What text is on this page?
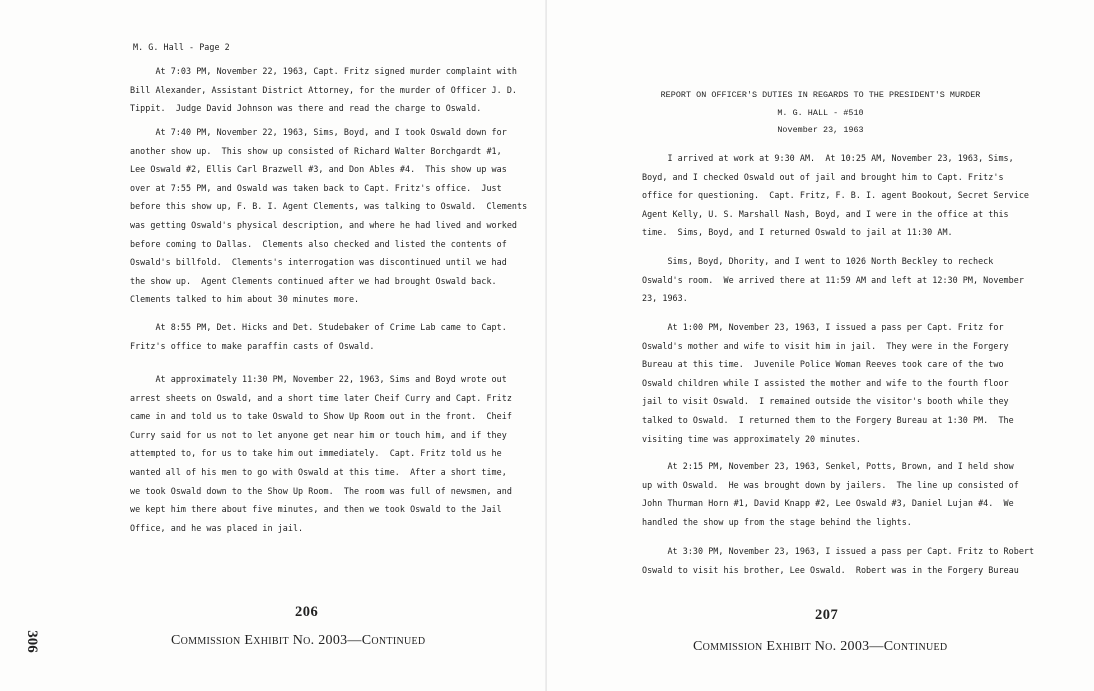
M. G. Hall - Page 2
At 7:03 PM, November 22, 1963, Capt. Fritz signed murder complaint with
Bill Alexander, Assistant District Attorney, for the murder of Officer J. D.
Tippit.  Judge David Johnson was there and read the charge to Oswald.
At 7:40 PM, November 22, 1963, Sims, Boyd, and I took Oswald down for
another show up.  This show up consisted of Richard Walter Borchgardt #1,
Lee Oswald #2, Ellis Carl Brazwell #3, and Don Ables #4.  This show up was
over at 7:55 PM, and Oswald was taken back to Capt. Fritz's office.  Just
before this show up, F. B. I. Agent Clements, was talking to Oswald.  Clements
was getting Oswald's physical description, and where he had lived and worked
before coming to Dallas.  Clements also checked and listed the contents of
Oswald's billfold.  Clements's interrogation was discontinued until we had
the show up.  Agent Clements continued after we had brought Oswald back.
Clements talked to him about 30 minutes more.
At 8:55 PM, Det. Hicks and Det. Studebaker of Crime Lab came to Capt.
Fritz's office to make paraffin casts of Oswald.
At approximately 11:30 PM, November 22, 1963, Sims and Boyd wrote out
arrest sheets on Oswald, and a short time later Cheif Curry and Capt. Fritz
came in and told us to take Oswald to Show Up Room out in the front.  Cheif
Curry said for us not to let anyone get near him or touch him, and if they
attempted to, for us to take him out immediately.  Capt. Fritz told us he
wanted all of his men to go with Oswald at this time.  After a short time,
we took Oswald down to the Show Up Room.  The room was full of newsmen, and
we kept him there about five minutes, and then we took Oswald to the Jail
Office, and he was placed in jail.
206
Commission Exhibit No. 2003—Continued
306
REPORT ON OFFICER'S DUTIES IN REGARDS TO THE PRESIDENT'S MURDER
M. G. HALL - #510
November 23, 1963
I arrived at work at 9:30 AM.  At 10:25 AM, November 23, 1963, Sims,
Boyd, and I checked Oswald out of jail and brought him to Capt. Fritz's
office for questioning.  Capt. Fritz, F. B. I. agent Bookout, Secret Service
Agent Kelly, U. S. Marshall Nash, Boyd, and I were in the office at this
time.  Sims, Boyd, and I returned Oswald to jail at 11:30 AM.
Sims, Boyd, Dhority, and I went to 1026 North Beckley to recheck
Oswald's room.  We arrived there at 11:59 AM and left at 12:30 PM, November
23, 1963.
At 1:00 PM, November 23, 1963, I issued a pass per Capt. Fritz for
Oswald's mother and wife to visit him in jail.  They were in the Forgery
Bureau at this time.  Juvenile Police Woman Reeves took care of the two
Oswald children while I assisted the mother and wife to the fourth floor
jail to visit Oswald.  I remained outside the visitor's booth while they
talked to Oswald.  I returned them to the Forgery Bureau at 1:30 PM.  The
visiting time was approximately 20 minutes.
At 2:15 PM, November 23, 1963, Senkel, Potts, Brown, and I held show
up with Oswald.  He was brought down by jailers.  The line up consisted of
John Thurman Horn #1, David Knapp #2, Lee Oswald #3, Daniel Lujan #4.  We
handled the show up from the stage behind the lights.
At 3:30 PM, November 23, 1963, I issued a pass per Capt. Fritz to Robert
Oswald to visit his brother, Lee Oswald.  Robert was in the Forgery Bureau
207
Commission Exhibit No. 2003—Continued
